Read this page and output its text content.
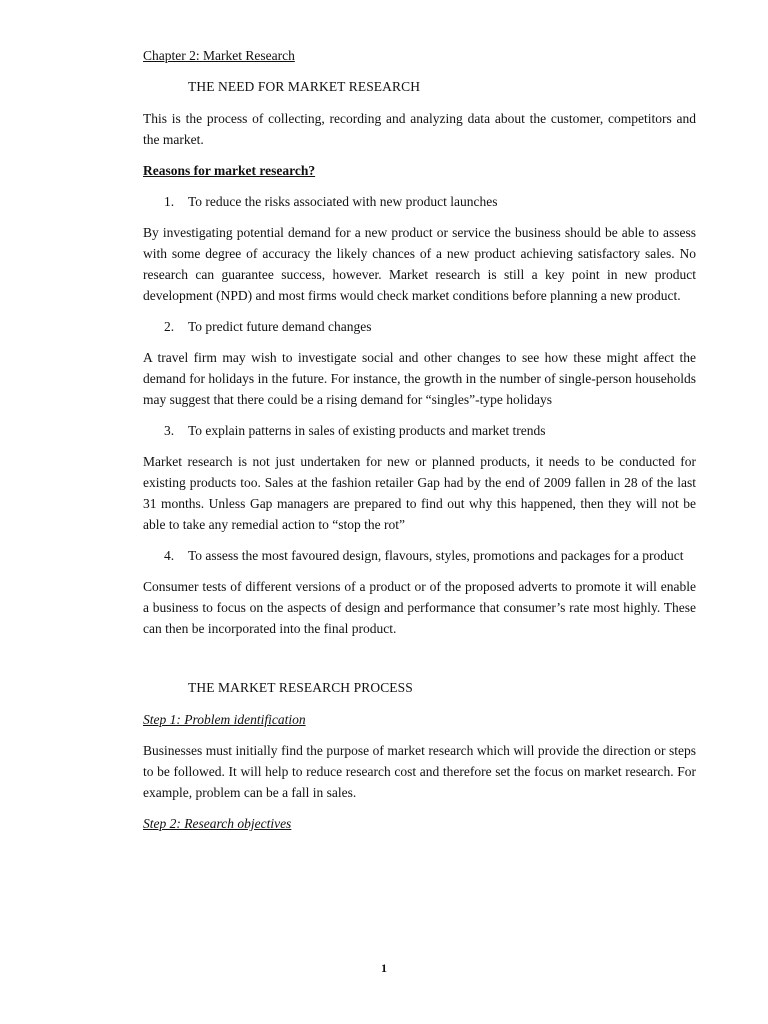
Chapter 2: Market Research
THE NEED FOR MARKET RESEARCH

This is the process of collecting, recording and analyzing data about the customer, competitors and the market.

Reasons for market research?
1.	To reduce the risks associated with new product launches

By investigating potential demand for a new product or service the business should be able to assess with some degree of accuracy the likely chances of a new product achieving satisfactory sales. No research can guarantee success, however. Market research is still a key point in new product development (NPD) and most firms would check market conditions before planning a new product.

2.	To predict future demand changes

A travel firm may wish to investigate social and other changes to see how these might affect the demand for holidays in the future. For instance, the growth in the number of single-person households may suggest that there could be a rising demand for “singles”-type holidays

3.	To explain patterns in sales of existing products and market trends

Market research is not just undertaken for new or planned products, it needs to be conducted for existing products too. Sales at the fashion retailer Gap had by the end of 2009 fallen in 28 of the last 31 months. Unless Gap managers are prepared to find out why this happened, then they will not be able to take any remedial action to “stop the rot”

4.	To assess the most favoured design, flavours, styles, promotions and packages for a product

Consumer tests of different versions of a product or of the proposed adverts to promote it will enable a business to focus on the aspects of design and performance that consumer’s rate most highly. These can then be incorporated into the final product.

THE MARKET RESEARCH PROCESS
Step 1: Problem identification

Businesses must initially find the purpose of market research which will provide the direction or steps to be followed. It will help to reduce research cost and therefore set the focus on market research. For example, problem can be a fall in sales.

Step 2: Research objectives
1
